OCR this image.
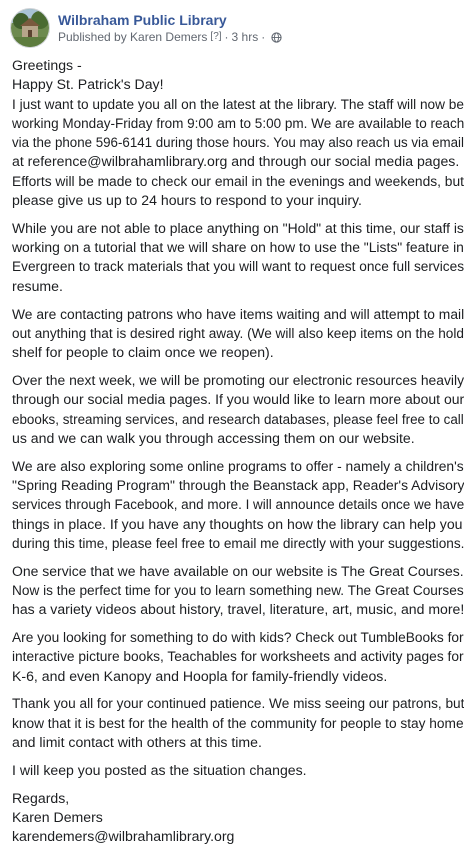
Wilbraham Public Library
Published by Karen Demers [?] · 3 hrs ·

Greetings -
Happy St. Patrick's Day!
I just want to update you all on the latest at the library. The staff will now be
working Monday-Friday from 9:00 am to 5:00 pm. We are available to reach
via the phone 596-6141 during those hours. You may also reach us via email
at reference@wilbrahamlibrary.org and through our social media pages.
Efforts will be made to check our email in the evenings and weekends, but
please give us up to 24 hours to respond to your inquiry.

While you are not able to place anything on "Hold" at this time, our staff is
working on a tutorial that we will share on how to use the "Lists" feature in
Evergreen to track materials that you will want to request once full services
resume.

We are contacting patrons who have items waiting and will attempt to mail
out anything that is desired right away. (We will also keep items on the hold
shelf for people to claim once we reopen).

Over the next week, we will be promoting our electronic resources heavily
through our social media pages. If you would like to learn more about our
ebooks, streaming services, and research databases, please feel free to call
us and we can walk you through accessing them on our website.

We are also exploring some online programs to offer - namely a children's
"Spring Reading Program" through the Beanstack app, Reader's Advisory
services through Facebook, and more. I will announce details once we have
things in place. If you have any thoughts on how the library can help you
during this time, please feel free to email me directly with your suggestions.

One service that we have available on our website is The Great Courses.
Now is the perfect time for you to learn something new. The Great Courses
has a variety videos about history, travel, literature, art, music, and more!

Are you looking for something to do with kids? Check out TumbleBooks for
interactive picture books, Teachables for worksheets and activity pages for
K-6, and even Kanopy and Hoopla for family-friendly videos.

Thank you all for your continued patience. We miss seeing our patrons, but
know that it is best for the health of the community for people to stay home
and limit contact with others at this time.

I will keep you posted as the situation changes.

Regards,
Karen Demers
karendemers@wilbrahamlibrary.org
